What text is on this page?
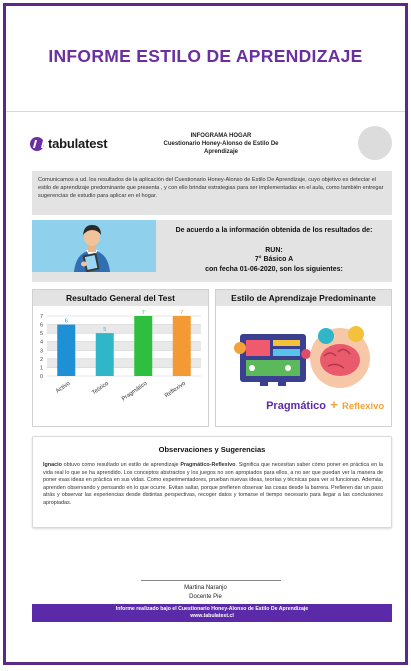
INFORME ESTILO DE APRENDIZAJE
tabulatest	INFOGRAMA HOGAR
Cuestionario Honey-Alonso de Estilo De Aprendizaje
Comunicamos a ud. los resultados de la aplicación del Cuestionario Honey-Alonso de Estilo De Aprendizaje, cuyo objetivo es detectar el estilo de aprendizaje predominante que presenta , y con ello brindar estrategias para ser implementadas en el aula, como también entregar sugerencias de estudio para aplicar en el hogar.
De acuerdo a la información obtenida de los resultados de:
RUN:
7° Básico A
con fecha 01-06-2020, son los siguientes:
Resultado General del Test
0
1
2
3
4
5
6
7
6
Activo
5
Teórico
7
Pragmático
7
Reflexivo
Estilo de Aprendizaje Predominante
Pragmático + Reflexivo
Observaciones y Sugerencias
Ignacio obtuvo como resultado un estilo de aprendizaje Pragmático-Reflexivo. Significa que necesitan saber cómo poner en práctica en la vida real lo que se ha aprendido. Los conceptos abstractos y los juegos no son apropiados para ellos, a no ser que puedan ver la manera de poner esas ideas en práctica en sus vidas. Como experimentadores, prueban nuevas ideas, teorías y técnicas para ver si funcionan. Además, aprenden observando y pensando en lo que ocurre. Evitan saltar, porque prefieren observar las cosas desde la barrera. Prefieren dar un paso atrás y observar las experiencias desde distintas perspectivas, recoger datos y tomarse el tiempo necesario para llegar a las conclusiones apropiadas.
Martina Naranjo
Docente Pie
Informe realizado bajo el Cuestionario Honey-Alonso de Estilo De Aprendizaje
www.tabulatest.cl
